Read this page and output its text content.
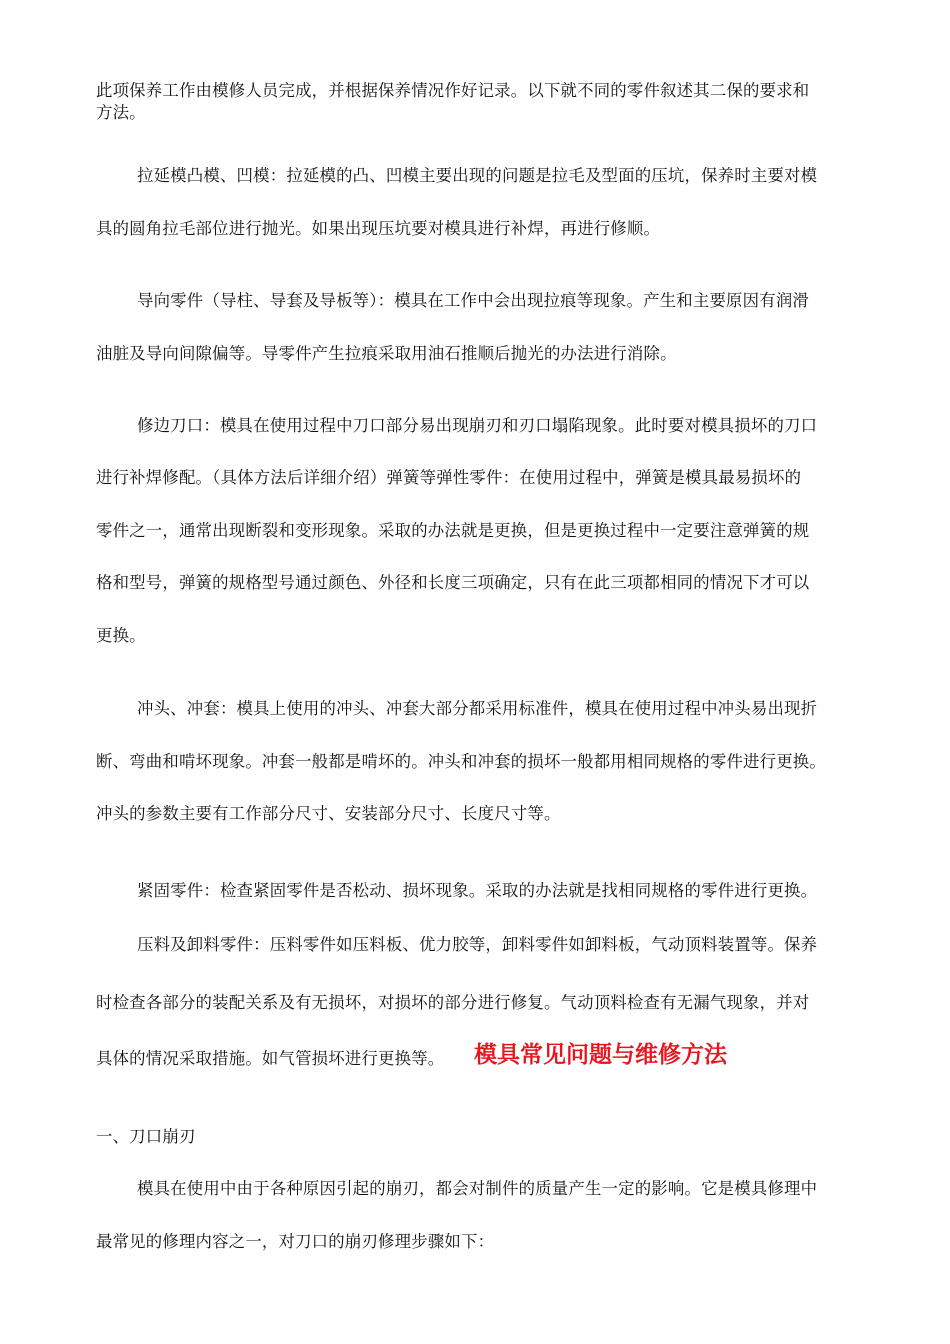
此项保养工作由模修人员完成，并根据保养情况作好记录。以下就不同的零件叙述其二保的要求和
方法。
拉延模凸模、凹模：拉延模的凸、凹模主要出现的问题是拉毛及型面的压坑，保养时主要对模
具的圆角拉毛部位进行抛光。如果出现压坑要对模具进行补焊，再进行修顺。
导向零件（导柱、导套及导板等）：模具在工作中会出现拉痕等现象。产生和主要原因有润滑
油脏及导向间隙偏等。导零件产生拉痕采取用油石推顺后抛光的办法进行消除。
修边刀口：模具在使用过程中刀口部分易出现崩刃和刃口塌陷现象。此时要对模具损坏的刀口
进行补焊修配。（具体方法后详细介绍）弹簧等弹性零件：在使用过程中，弹簧是模具最易损坏的
零件之一，通常出现断裂和变形现象。采取的办法就是更换，但是更换过程中一定要注意弹簧的规
格和型号，弹簧的规格型号通过颜色、外径和长度三项确定，只有在此三项都相同的情况下才可以
更换。
冲头、冲套：模具上使用的冲头、冲套大部分都采用标准件，模具在使用过程中冲头易出现折
断、弯曲和啃坏现象。冲套一般都是啃坏的。冲头和冲套的损坏一般都用相同规格的零件进行更换。
冲头的参数主要有工作部分尺寸、安装部分尺寸、长度尺寸等。
紧固零件：检查紧固零件是否松动、损坏现象。采取的办法就是找相同规格的零件进行更换。
压料及卸料零件：压料零件如压料板、优力胶等，卸料零件如卸料板，气动顶料装置等。保养
时检查各部分的装配关系及有无损坏，对损坏的部分进行修复。气动顶料检查有无漏气现象，并对
具体的情况采取措施。如气管损坏进行更换等。	模具常见问题与维修方法
一、刀口崩刃
模具在使用中由于各种原因引起的崩刃，都会对制件的质量产生一定的影响。它是模具修理中
最常见的修理内容之一，对刀口的崩刃修理步骤如下：
